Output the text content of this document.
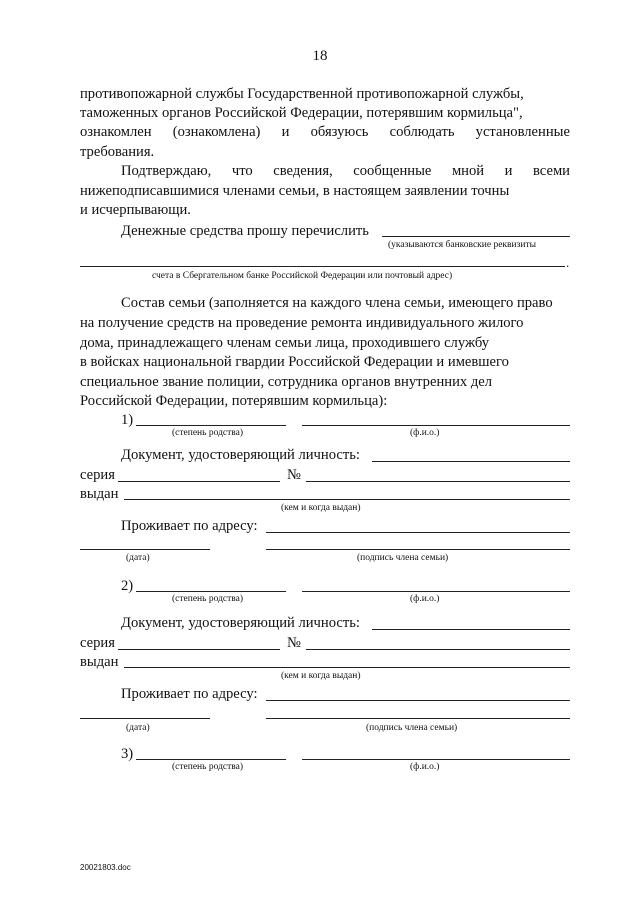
18
противопожарной службы Государственной противопожарной службы,
таможенных органов Российской Федерации, потерявшим кормильца",
ознакомлен (ознакомлена) и обязуюсь соблюдать установленные
требования.
Подтверждаю, что сведения, сообщенные мной и всеми
нижеподписавшимися членами семьи, в настоящем заявлении точны
и исчерпывающи.
Денежные средства прошу перечислить
(указываются банковские реквизиты
.
счета в Сбергательном банке Российской Федерации или почтовый адрес)
Состав семьи (заполняется на каждого члена семьи, имеющего право
на получение средств на проведение ремонта индивидуального жилого
дома, принадлежащего членам семьи лица, проходившего службу
в войсках национальной гвардии Российской Федерации и имевшего
специальное звание полиции, сотрудника органов внутренних дел
Российской Федерации, потерявшим кормильца):
1)
(степень родства)	(ф.и.о.)
Документ, удостоверяющий личность:
серия	№
выдан
(кем и когда выдан)
Проживает по адресу:
(дата)	(подпись члена семьи)
2)
(степень родства)	(ф.и.о.)
Документ, удостоверяющий личность:
серия	№
выдан
(кем и когда выдан)
Проживает по адресу:
(дата)	(подпись члена семьи)
3)
(степень родства)	(ф.и.о.)
20021803.doc
